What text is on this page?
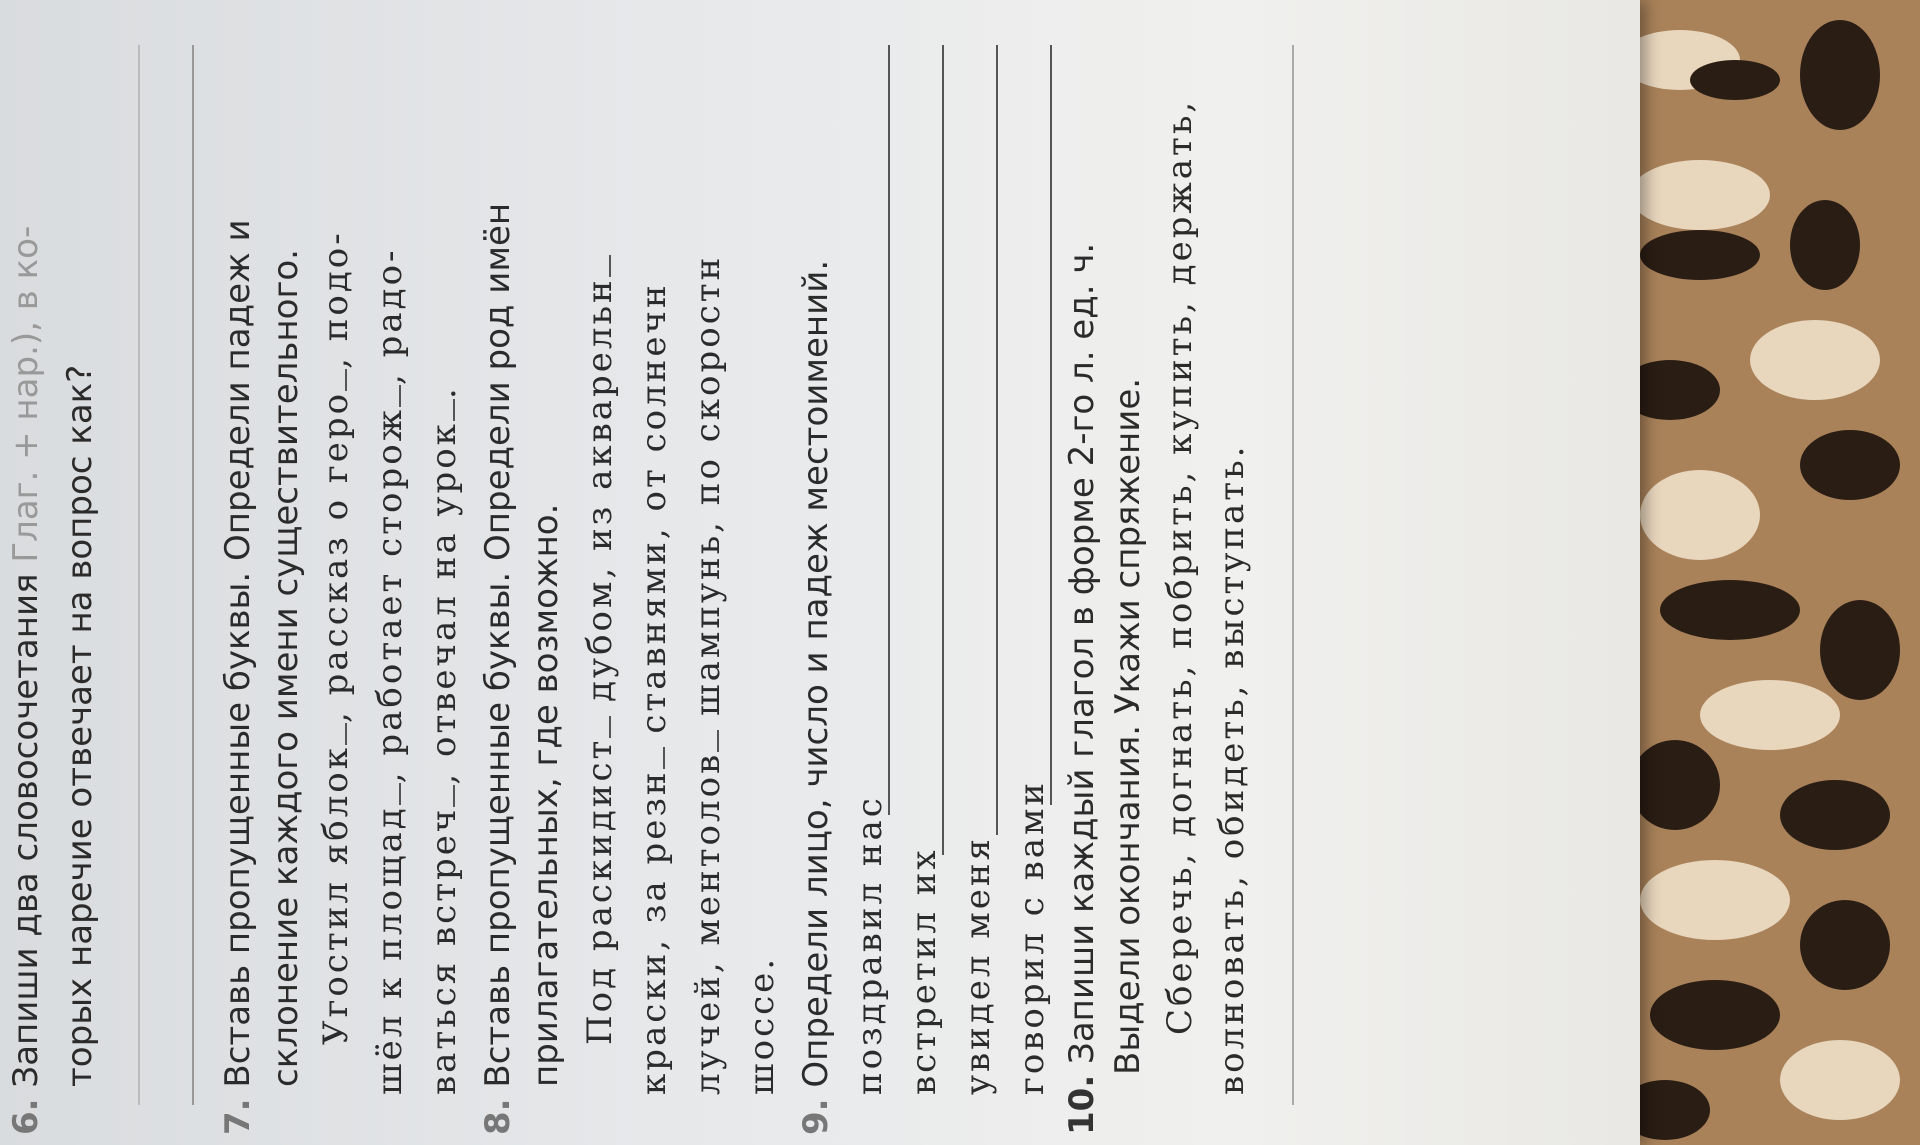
6. Запиши два словосочетания Глаг. + нар.), в ко- торых наречие отвечает на вопрос как?
7. Вставь пропущенные буквы. Определи падеж и склонение каждого имени существительного. Угостил яблок, рассказ о геро, подо-
шёл к площад, работает сторож, радо-
ваться встреч, отвечал на урок.
8. Вставь пропущенные буквы. Определи род имён прилагательных, где возможно. Под раскидист дубом, из акварельн
краски, за резн ставнями, от солнечн
лучей, ментолов шампунь, по скоростн
шоссе.
9. Определи лицо, число и падеж местоимений. поздравил нас встретил их увидел меня говорил с вами
10. Запиши каждый глагол в форме 2-го л. ед. ч. Выдели окончания. Укажи спряжение. Сберечь, догнать, побрить, купить, держать, волновать, обидеть, выступать.
